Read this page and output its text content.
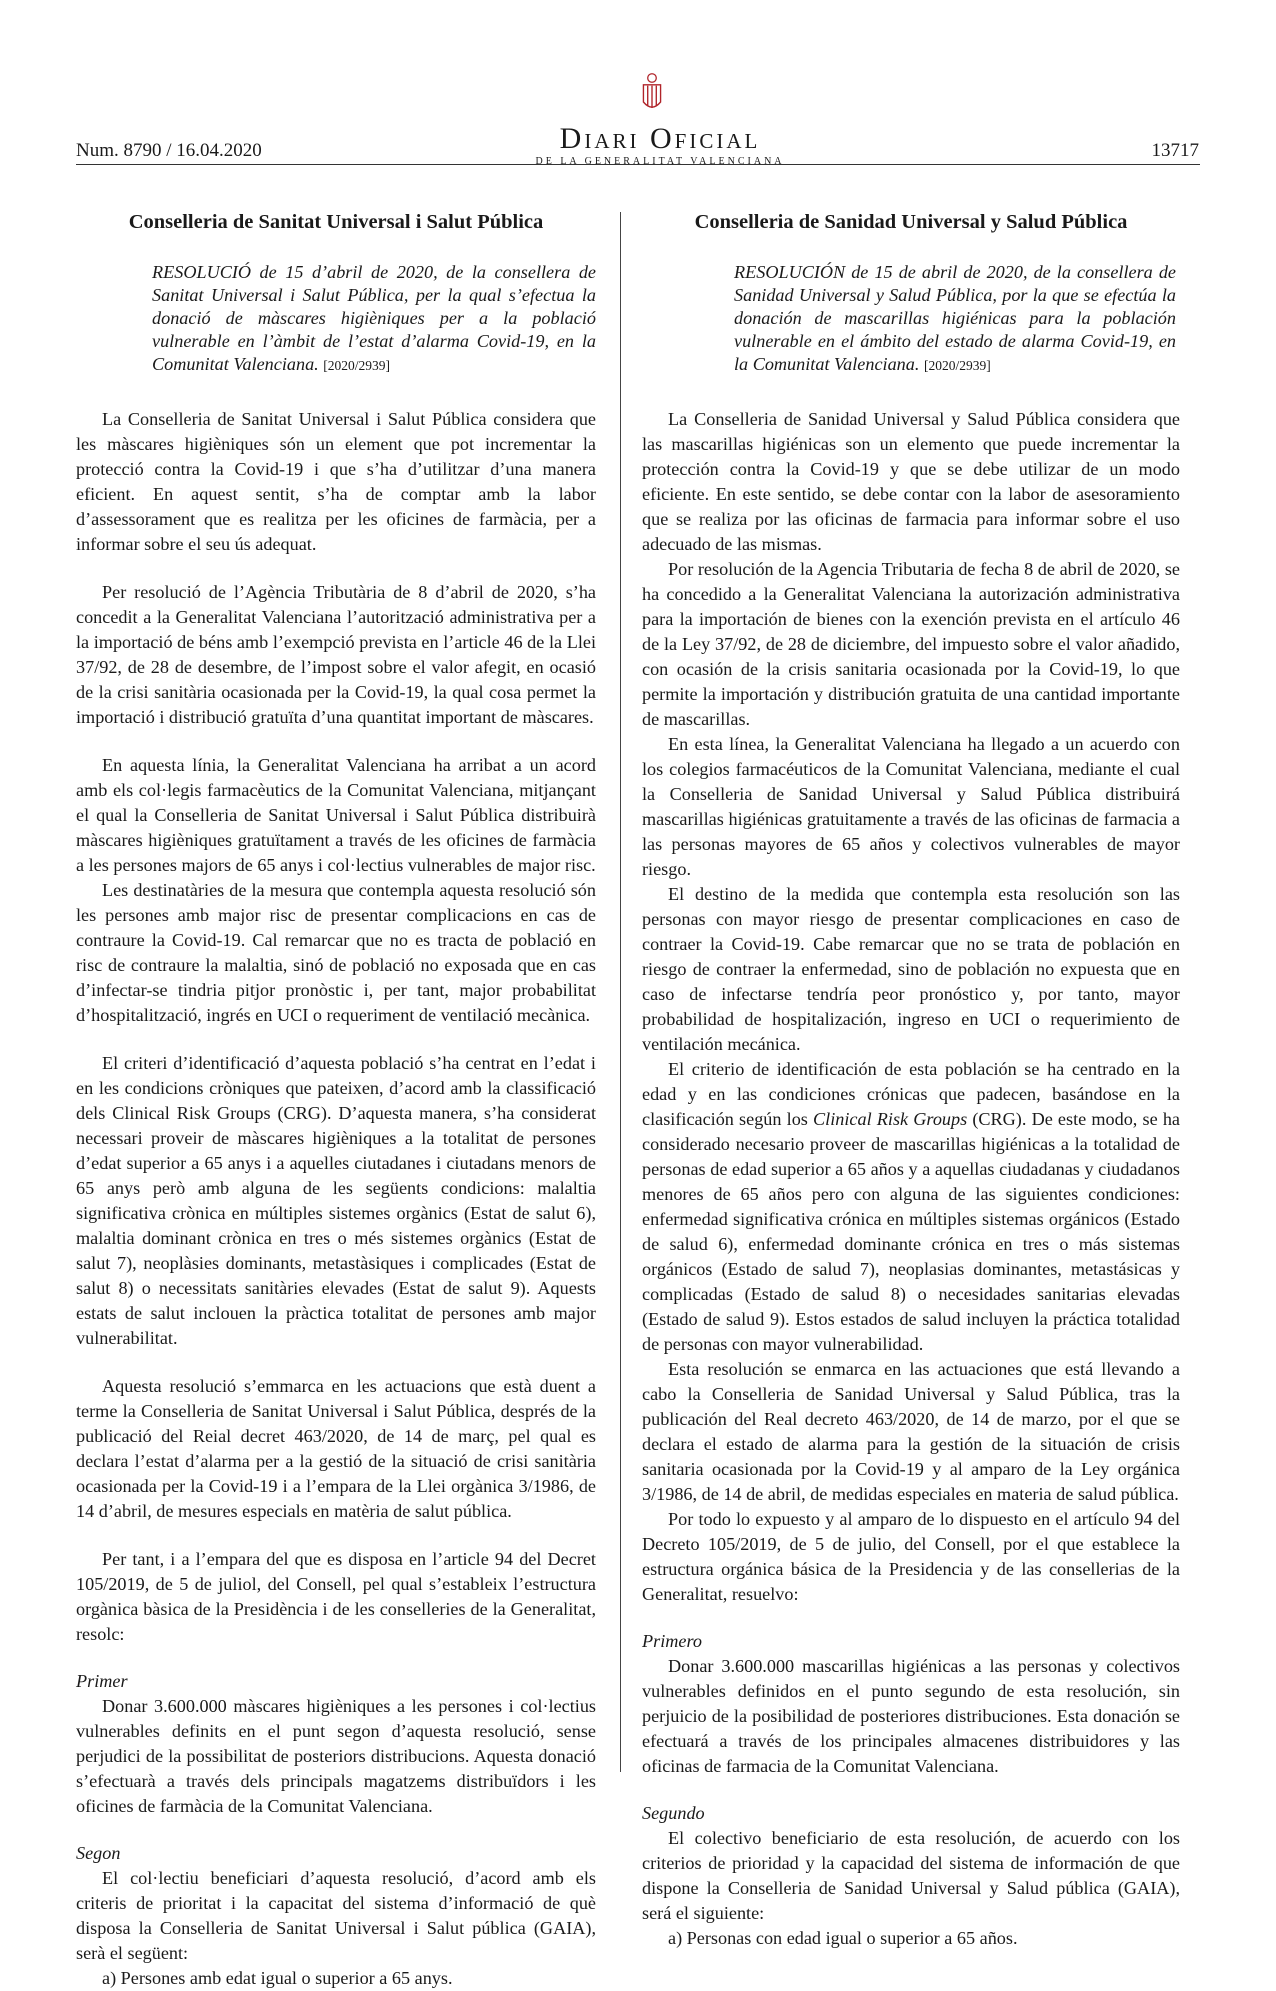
Num. 8790 / 16.04.2020	Diari Oficial
DE LA GENERALITAT VALENCIANA
13717
Conselleria de Sanitat Universal i Salut Pública
RESOLUCIÓ de 15 d’abril de 2020, de la consellera de Sanitat Universal i Salut Pública, per la qual s’efectua la donació de màscares higièniques per a la població vulnerable en l’àmbit de l’estat d’alarma Covid-19, en la Comunitat Valenciana. [2020/2939]

La Conselleria de Sanitat Universal i Salut Pública considera que les màscares higièniques són un element que pot incrementar la protecció contra la Covid-19 i que s’ha d’utilitzar d’una manera eficient. En aquest sentit, s’ha de comptar amb la labor d’assessorament que es realitza per les oficines de farmàcia, per a informar sobre el seu ús adequat.

Per resolució de l’Agència Tributària de 8 d’abril de 2020, s’ha concedit a la Generalitat Valenciana l’autorització administrativa per a la importació de béns amb l’exempció prevista en l’article 46 de la Llei 37/92, de 28 de desembre, de l’impost sobre el valor afegit, en ocasió de la crisi sanitària ocasionada per la Covid-19, la qual cosa permet la importació i distribució gratuïta d’una quantitat important de màscares.

En aquesta línia, la Generalitat Valenciana ha arribat a un acord amb els col·legis farmacèutics de la Comunitat Valenciana, mitjançant el qual la Conselleria de Sanitat Universal i Salut Pública distribuirà màscares higièniques gratuïtament a través de les oficines de farmàcia a les persones majors de 65 anys i col·lectius vulnerables de major risc.

Les destinatàries de la mesura que contempla aquesta resolució són les persones amb major risc de presentar complicacions en cas de contraure la Covid-19. Cal remarcar que no es tracta de població en risc de contraure la malaltia, sinó de població no exposada que en cas d’infectar-se tindria pitjor pronòstic i, per tant, major probabilitat d’hospitalització, ingrés en UCI o requeriment de ventilació mecànica.

El criteri d’identificació d’aquesta població s’ha centrat en l’edat i en les condicions cròniques que pateixen, d’acord amb la classificació dels Clinical Risk Groups (CRG). D’aquesta manera, s’ha considerat necessari proveir de màscares higièniques a la totalitat de persones d’edat superior a 65 anys i a aquelles ciutadanes i ciutadans menors de 65 anys però amb alguna de les següents condicions: malaltia significativa crònica en múltiples sistemes orgànics (Estat de salut 6), malaltia dominant crònica en tres o més sistemes orgànics (Estat de salut 7), neoplàsies dominants, metastàsiques i complicades (Estat de salut 8) o necessitats sanitàries elevades (Estat de salut 9). Aquests estats de salut inclouen la pràctica totalitat de persones amb major vulnerabilitat.

Aquesta resolució s’emmarca en les actuacions que està duent a terme la Conselleria de Sanitat Universal i Salut Pública, després de la publicació del Reial decret 463/2020, de 14 de març, pel qual es declara l’estat d’alarma per a la gestió de la situació de crisi sanitària ocasionada per la Covid-19 i a l’empara de la Llei orgànica 3/1986, de 14 d’abril, de mesures especials en matèria de salut pública.

Per tant, i a l’empara del que es disposa en l’article 94 del Decret 105/2019, de 5 de juliol, del Consell, pel qual s’estableix l’estructura orgànica bàsica de la Presidència i de les conselleries de la Generalitat, resolc:

Primer

Donar 3.600.000 màscares higièniques a les persones i col·lectius vulnerables definits en el punt segon d’aquesta resolució, sense perjudici de la possibilitat de posteriors distribucions. Aquesta donació s’efectuarà a través dels principals magatzems distribuïdors i les oficines de farmàcia de la Comunitat Valenciana.

Segon

El col·lectiu beneficiari d’aquesta resolució, d’acord amb els criteris de prioritat i la capacitat del sistema d’informació de què disposa la Conselleria de Sanitat Universal i Salut pública (GAIA), serà el següent:

a) Persones amb edat igual o superior a 65 anys.

Conselleria de Sanidad Universal y Salud Pública
RESOLUCIÓN de 15 de abril de 2020, de la consellera de Sanidad Universal y Salud Pública, por la que se efectúa la donación de mascarillas higiénicas para la población vulnerable en el ámbito del estado de alarma Covid-19, en la Comunitat Valenciana. [2020/2939]

La Conselleria de Sanidad Universal y Salud Pública considera que las mascarillas higiénicas son un elemento que puede incrementar la protección contra la Covid-19 y que se debe utilizar de un modo eficiente. En este sentido, se debe contar con la labor de asesoramiento que se realiza por las oficinas de farmacia para informar sobre el uso adecuado de las mismas.

Por resolución de la Agencia Tributaria de fecha 8 de abril de 2020, se ha concedido a la Generalitat Valenciana la autorización administrativa para la importación de bienes con la exención prevista en el artículo 46 de la Ley 37/92, de 28 de diciembre, del impuesto sobre el valor añadido, con ocasión de la crisis sanitaria ocasionada por la Covid-19, lo que permite la importación y distribución gratuita de una cantidad importante de mascarillas.

En esta línea, la Generalitat Valenciana ha llegado a un acuerdo con los colegios farmacéuticos de la Comunitat Valenciana, mediante el cual la Conselleria de Sanidad Universal y Salud Pública distribuirá mascarillas higiénicas gratuitamente a través de las oficinas de farmacia a las personas mayores de 65 años y colectivos vulnerables de mayor riesgo.

El destino de la medida que contempla esta resolución son las personas con mayor riesgo de presentar complicaciones en caso de contraer la Covid-19. Cabe remarcar que no se trata de población en riesgo de contraer la enfermedad, sino de población no expuesta que en caso de infectarse tendría peor pronóstico y, por tanto, mayor probabilidad de hospitalización, ingreso en UCI o requerimiento de ventilación mecánica.

El criterio de identificación de esta población se ha centrado en la edad y en las condiciones crónicas que padecen, basándose en la clasificación según los Clinical Risk Groups (CRG). De este modo, se ha considerado necesario proveer de mascarillas higiénicas a la totalidad de personas de edad superior a 65 años y a aquellas ciudadanas y ciudadanos menores de 65 años pero con alguna de las siguientes condiciones: enfermedad significativa crónica en múltiples sistemas orgánicos (Estado de salud 6), enfermedad dominante crónica en tres o más sistemas orgánicos (Estado de salud 7), neoplasias dominantes, metastásicas y complicadas (Estado de salud 8) o necesidades sanitarias elevadas (Estado de salud 9). Estos estados de salud incluyen la práctica totalidad de personas con mayor vulnerabilidad.

Esta resolución se enmarca en las actuaciones que está llevando a cabo la Conselleria de Sanidad Universal y Salud Pública, tras la publicación del Real decreto 463/2020, de 14 de marzo, por el que se declara el estado de alarma para la gestión de la situación de crisis sanitaria ocasionada por la Covid-19 y al amparo de la Ley orgánica 3/1986, de 14 de abril, de medidas especiales en materia de salud pública.

Por todo lo expuesto y al amparo de lo dispuesto en el artículo 94 del Decreto 105/2019, de 5 de julio, del Consell, por el que establece la estructura orgánica básica de la Presidencia y de las consellerias de la Generalitat, resuelvo:

Primero

Donar 3.600.000 mascarillas higiénicas a las personas y colectivos vulnerables definidos en el punto segundo de esta resolución, sin perjuicio de la posibilidad de posteriores distribuciones. Esta donación se efectuará a través de los principales almacenes distribuidores y las oficinas de farmacia de la Comunitat Valenciana.

Segundo

El colectivo beneficiario de esta resolución, de acuerdo con los criterios de prioridad y la capacidad del sistema de información de que dispone la Conselleria de Sanidad Universal y Salud pública (GAIA), será el siguiente:

a) Personas con edad igual o superior a 65 años.
